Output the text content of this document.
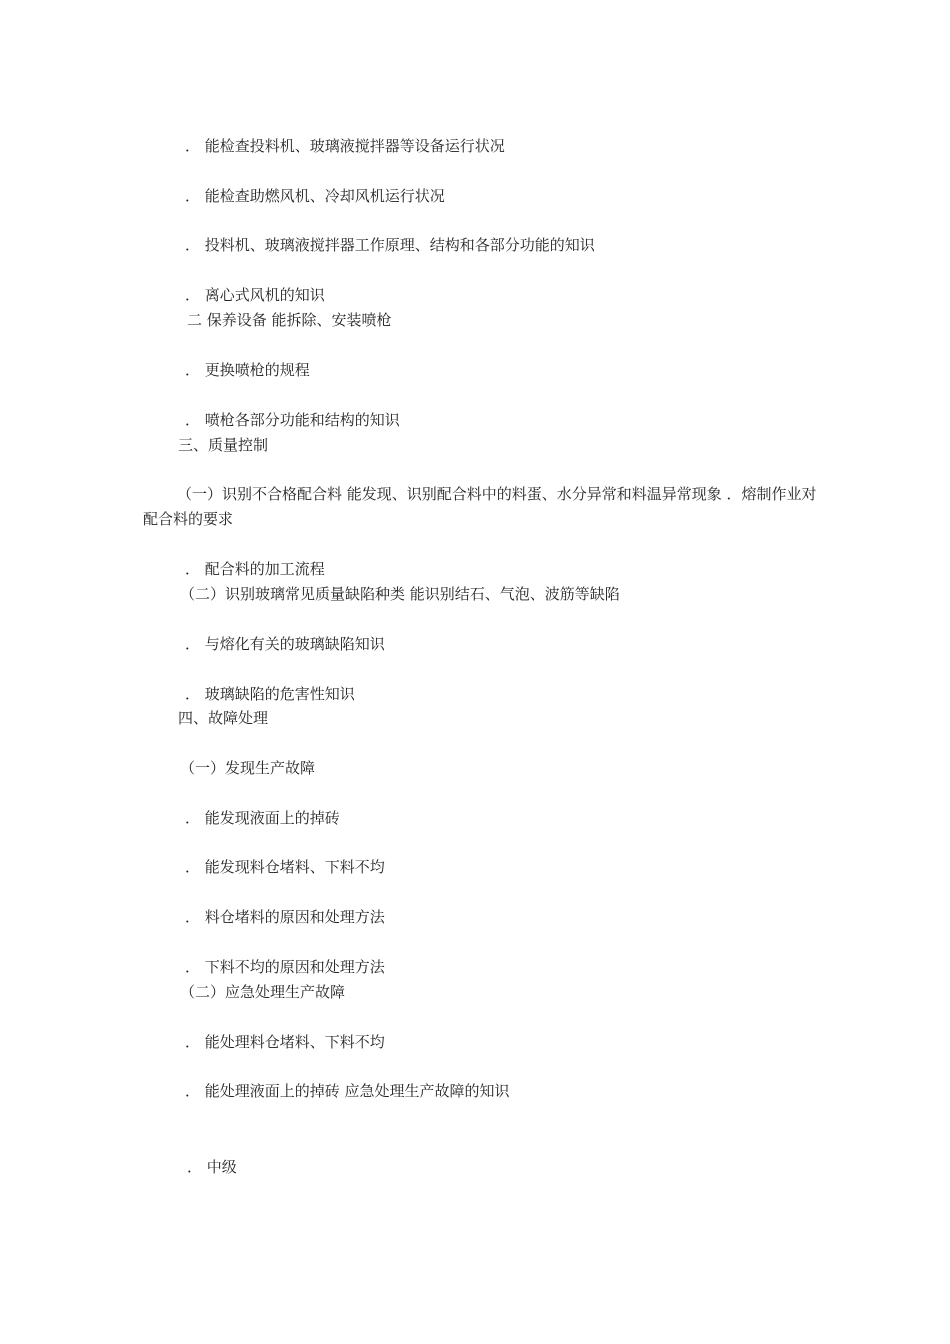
． 能检查投料机、玻璃液搅拌器等设备运行状况
． 能检查助燃风机、冷却风机运行状况
． 投料机、玻璃液搅拌器工作原理、结构和各部分功能的知识
． 离心式风机的知识
二 保养设备 能拆除、安装喷枪
． 更换喷枪的规程
． 喷枪各部分功能和结构的知识
三、质量控制
（一）识别不合格配合料 能发现、识别配合料中的料蛋、水分异常和料温异常现象 ．熔制作业对配合料的要求
． 配合料的加工流程
（二）识别玻璃常见质量缺陷种类 能识别结石、气泡、波筋等缺陷
． 与熔化有关的玻璃缺陷知识
． 玻璃缺陷的危害性知识
四、故障处理
（一）发现生产故障
． 能发现液面上的掉砖
． 能发现料仓堵料、下料不均
． 料仓堵料的原因和处理方法
． 下料不均的原因和处理方法
（二）应急处理生产故障
． 能处理料仓堵料、下料不均
． 能处理液面上的掉砖 应急处理生产故障的知识
． 中级
